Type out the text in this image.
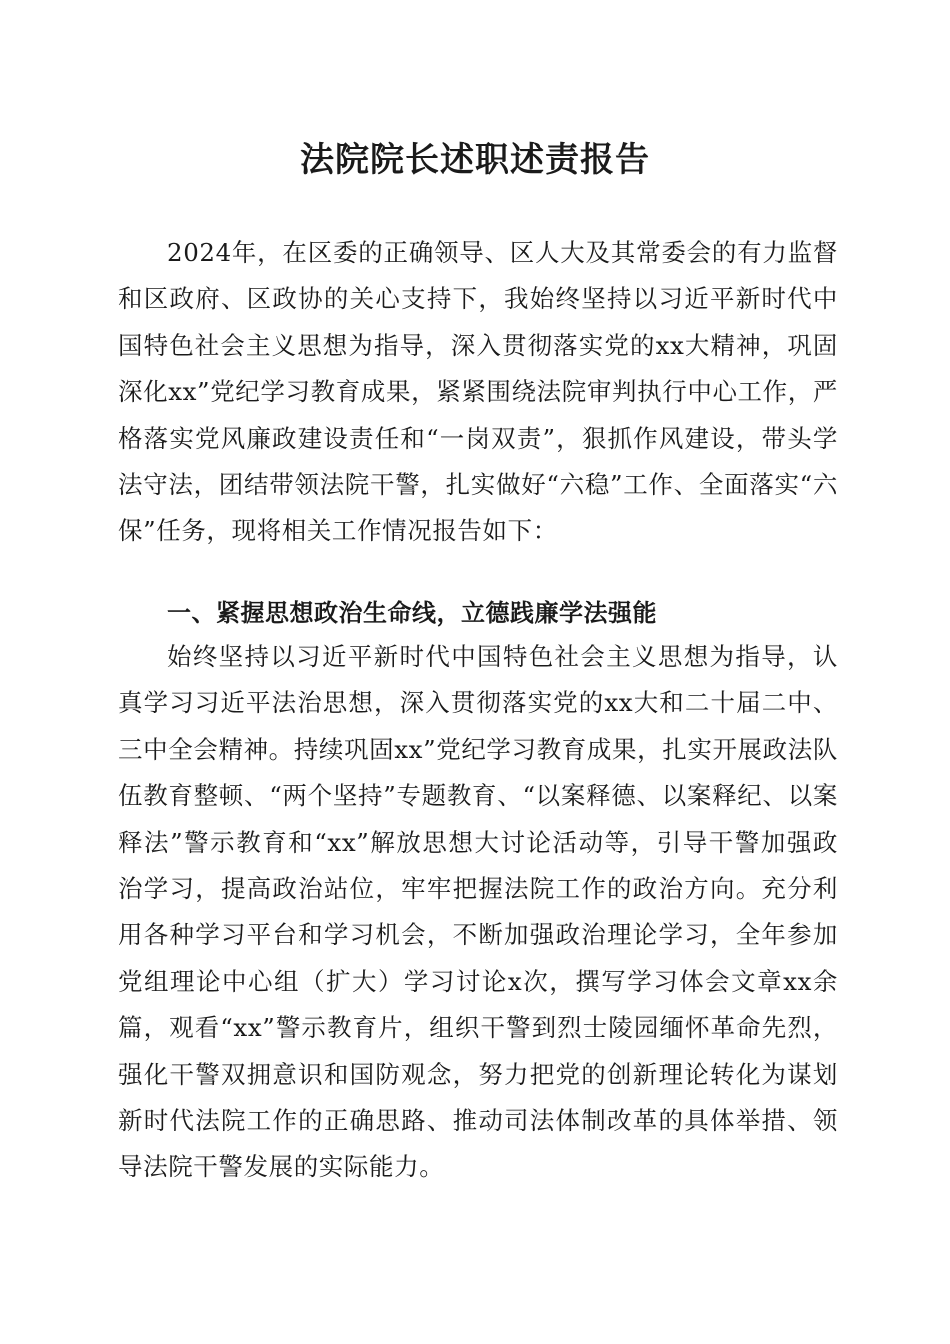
法院院长述职述责报告

2024年，在区委的正确领导、区人大及其常委会的有力监督和区政府、区政协的关心支持下，我始终坚持以习近平新时代中国特色社会主义思想为指导，深入贯彻落实党的xx大精神，巩固深化xx”党纪学习教育成果，紧紧围绕法院审判执行中心工作，严格落实党风廉政建设责任和“一岗双责”，狠抓作风建设，带头学法守法，团结带领法院干警，扎实做好“六稳”工作、全面落实“六保”任务，现将相关工作情况报告如下：

一、紧握思想政治生命线，立德践廉学法强能

始终坚持以习近平新时代中国特色社会主义思想为指导，认真学习习近平法治思想，深入贯彻落实党的xx大和二十届二中、三中全会精神。持续巩固xx”党纪学习教育成果，扎实开展政法队伍教育整顿、“两个坚持”专题教育、“以案释德、以案释纪、以案释法”警示教育和“xx”解放思想大讨论活动等，引导干警加强政治学习，提高政治站位，牢牢把握法院工作的政治方向。充分利用各种学习平台和学习机会，不断加强政治理论学习，全年参加党组理论中心组（扩大）学习讨论x次，撰写学习体会文章xx余篇，观看“xx”警示教育片，组织干警到烈士陵园缅怀革命先烈，强化干警双拥意识和国防观念，努力把党的创新理论转化为谋划新时代法院工作的正确思路、推动司法体制改革的具体举措、领导法院干警发展的实际能力。
